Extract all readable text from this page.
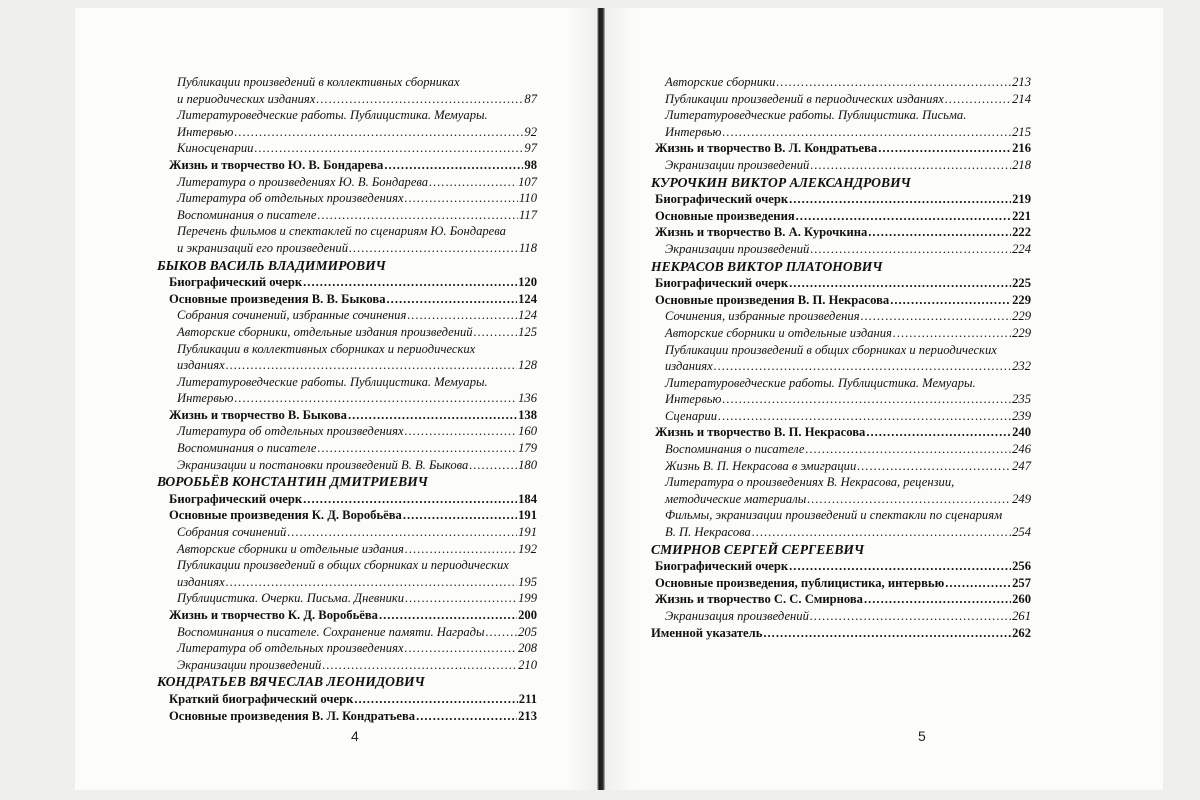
Публикации произведений в коллективных сборниках
и периодических изданиях .....	87
Литературоведческие работы. Публицистика. Мемуары.
Интервью .....	92
Киносценарии .....	97
Жизнь и творчество Ю. В. Бондарева .....	98
Литература о произведениях Ю. В. Бондарева .....	107
Литература об отдельных произведениях .....	110
Воспоминания о писателе .....	117
Перечень фильмов и спектаклей по сценариям Ю. Бондарева
и экранизаций его произведений .....	118
БЫКОВ ВАСИЛЬ ВЛАДИМИРОВИЧ
Биографический очерк .....	120
Основные произведения В. В. Быкова .....	124
Собрания сочинений, избранные сочинения .....	124
Авторские сборники, отдельные издания произведений .....	125
Публикации в коллективных сборниках и периодических
изданиях .....	128
Литературоведческие работы. Публицистика. Мемуары.
Интервью .....	136
Жизнь и творчество В. Быкова .....	138
Литература об отдельных произведениях .....	160
Воспоминания о писателе .....	179
Экранизации и постановки произведений В. В. Быкова .....	180
ВОРОБЬЁВ КОНСТАНТИН ДМИТРИЕВИЧ
Биографический очерк .....	184
Основные произведения К. Д. Воробьёва .....	191
Собрания сочинений .....	191
Авторские сборники и отдельные издания .....	192
Публикации произведений в общих сборниках и периодических
изданиях .....	195
Публицистика. Очерки. Письма. Дневники .....	199
Жизнь и творчество К. Д. Воробьёва .....	200
Воспоминания о писателе. Сохранение памяти. Награды .....	205
Литература об отдельных произведениях .....	208
Экранизации произведений .....	210
КОНДРАТЬЕВ ВЯЧЕСЛАВ ЛЕОНИДОВИЧ
Краткий биографический очерк .....	211
Основные произведения В. Л. Кондратьева .....	213
4
Авторские сборники .....	213
Публикации произведений в периодических изданиях .....	214
Литературоведческие работы. Публицистика. Письма.
Интервью .....	215
Жизнь и творчество В. Л. Кондратьева .....	216
Экранизации произведений .....	218
КУРОЧКИН ВИКТОР АЛЕКСАНДРОВИЧ
Биографический очерк .....	219
Основные произведения .....	221
Жизнь и творчество В. А. Курочкина .....	222
Экранизации произведений .....	224
НЕКРАСОВ ВИКТОР ПЛАТОНОВИЧ
Биографический очерк .....	225
Основные произведения В. П. Некрасова .....	229
Сочинения, избранные произведения .....	229
Авторские сборники и отдельные издания .....	229
Публикации произведений в общих сборниках и периодических
изданиях .....	232
Литературоведческие работы. Публицистика. Мемуары.
Интервью .....	235
Сценарии .....	239
Жизнь и творчество В. П. Некрасова .....	240
Воспоминания о писателе .....	246
Жизнь В. П. Некрасова в эмиграции .....	247
Литература о произведениях В. Некрасова, рецензии,
методические материалы .....	249
Фильмы, экранизации произведений и спектакли по сценариям
В. П. Некрасова .....	254
СМИРНОВ СЕРГЕЙ СЕРГЕЕВИЧ
Биографический очерк .....	256
Основные произведения, публицистика, интервью .....	257
Жизнь и творчество С. С. Смирнова .....	260
Экранизация произведений .....	261
Именной указатель .....	262
5
